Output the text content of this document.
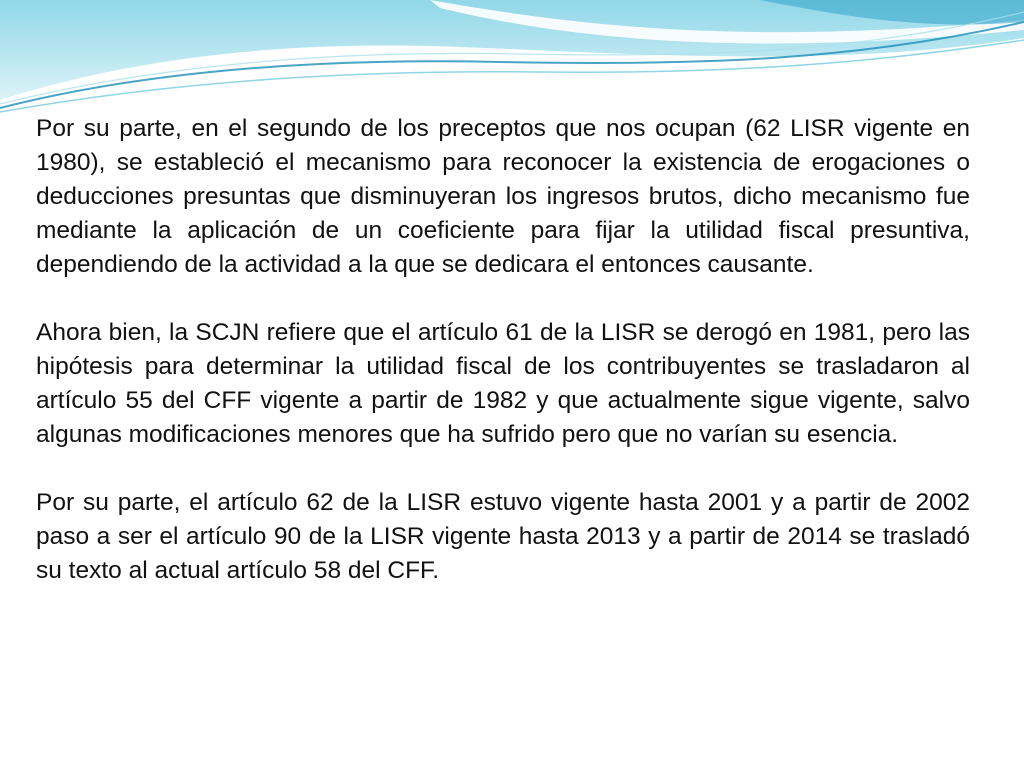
Por su parte, en el segundo de los preceptos que nos ocupan (62 LISR vigente en 1980), se estableció el mecanismo para reconocer la existencia de erogaciones o deducciones presuntas que disminuyeran los ingresos brutos, dicho mecanismo fue mediante la aplicación de un coeficiente para fijar la utilidad fiscal presuntiva, dependiendo de la actividad a la que se dedicara el entonces causante.

Ahora bien, la SCJN refiere que el artículo 61 de la LISR se derogó en 1981, pero las hipótesis para determinar la utilidad fiscal de los contribuyentes se trasladaron al artículo 55 del CFF vigente a partir de 1982 y que actualmente sigue vigente, salvo algunas modificaciones menores que ha sufrido pero que no varían su esencia.

Por su parte, el artículo 62 de la LISR estuvo vigente hasta 2001 y a partir de 2002 paso a ser el artículo 90 de la LISR vigente hasta 2013 y a partir de 2014 se trasladó su texto al actual artículo 58 del CFF.
